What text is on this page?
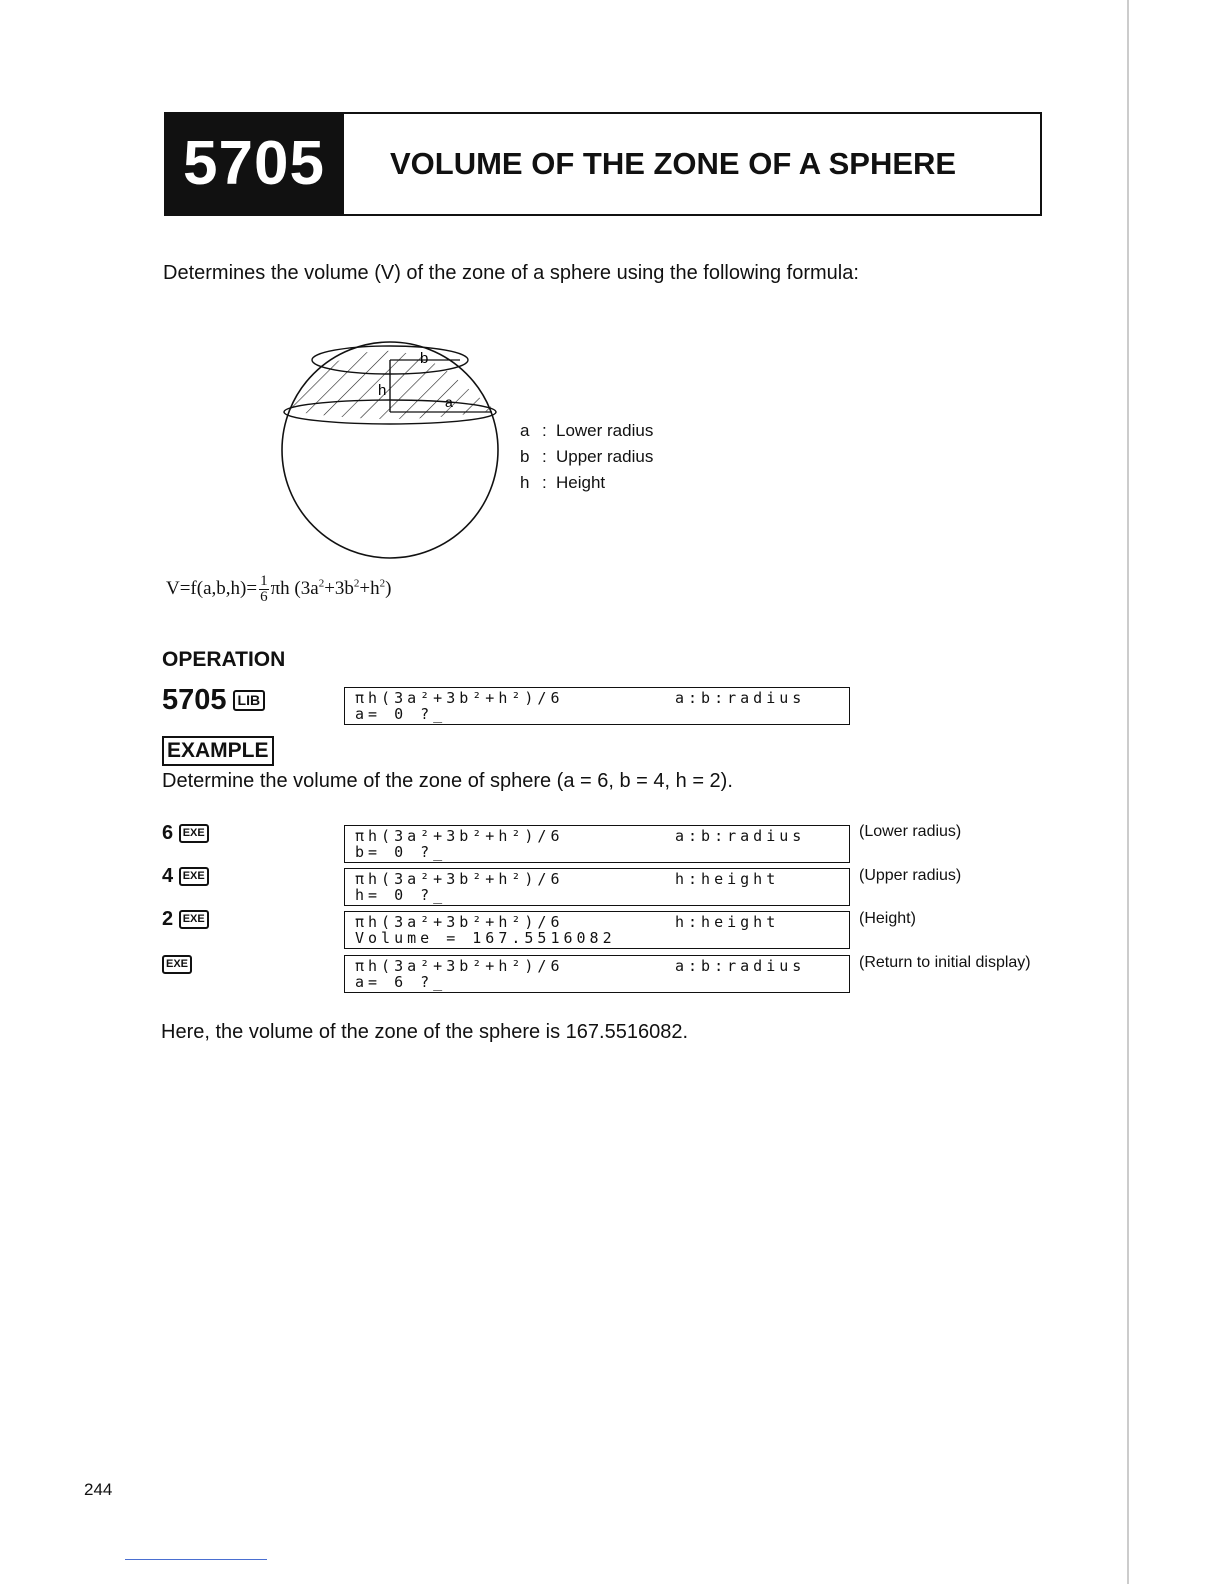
5705	VOLUME OF THE ZONE OF A SPHERE
Determines the volume (V) of the zone of a sphere using the following formula:
b
h
a
a : Lower radius
b : Upper radius
h : Height
$V=f(a,b,h)= \frac{1}{6}$ πh $(3a^2+3b^2+h^2)$
OPERATION
5705 LIB	πh(3a²+3b²+h²)/6	a:b:radius
a= 0 ?_
EXAMPLE
Determine the volume of the zone of sphere (a = 6, b = 4, h = 2).
6 EXE	πh(3a²+3b²+h²)/6	a:b:radius
b= 0 ?_
(Lower radius)
4 EXE	πh(3a²+3b²+h²)/6	h:height
h= 0 ?_
(Upper radius)
2 EXE	πh(3a²+3b²+h²)/6	h:height
Volume = 167.5516082
(Height)
EXE	πh(3a²+3b²+h²)/6	a:b:radius
a= 6 ?_
(Return to initial display)
Here, the volume of the zone of the sphere is 167.5516082.
244
